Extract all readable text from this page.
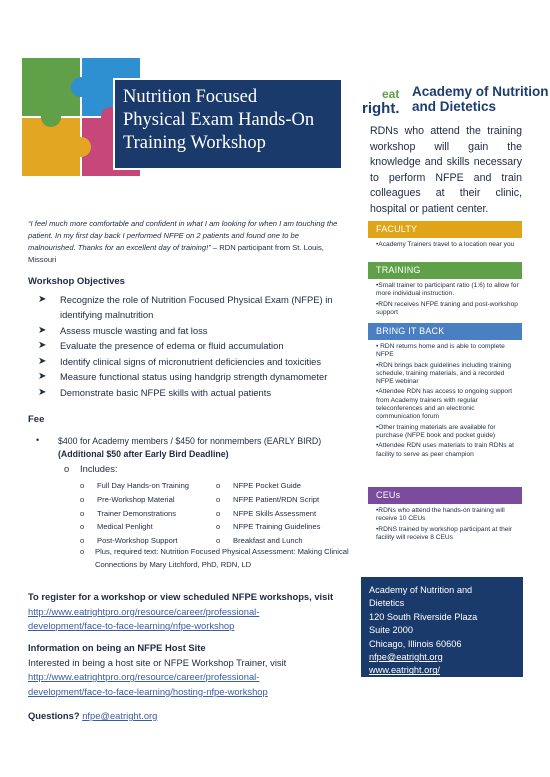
Nutrition Focused
Physical Exam Hands-On
Training Workshop
eat
right.
Academy of Nutrition
and Dietetics
RDNs who attend the training workshop will gain the knowledge and skills necessary to perform NFPE and train colleagues at their clinic, hospital or patient center.
“I feel much more comfortable and confident in what I am looking for when I am touching the patient. In my first day back I performed NFPE on 2 patients and found one to be malnourished. Thanks for an excellent day of training!” – RDN participant from St. Louis, Missouri
Workshop Objectives
➤ Recognize the role of Nutrition Focused Physical Exam (NFPE) in identifying malnutrition
➤ Assess muscle wasting and fat loss
➤ Evaluate the presence of edema or fluid accumulation
➤ Identify clinical signs of micronutrient deficiencies and toxicities
➤ Measure functional status using handgrip strength dynamometer
➤ Demonstrate basic NFPE skills with actual patients
Fee
• $400 for Academy members / $450 for nonmembers (EARLY BIRD)
(Additional $50 after Early Bird Deadline)
o Includes:
o Full Day Hands-on Training	o NFPE Pocket Guide
o Pre-Workshop Material	o NFPE Patient/RDN Script
o Trainer Demonstrations	o NFPE Skills Assessment
o Medical Penlight	o NFPE Training Guidelines
o Post-Workshop Support	o Breakfast and Lunch
o	Plus, required text: Nutrition Focused Physical Assessment: Making Clinical Connections by Mary Litchford, PhD, RDN, LD
FACULTY
•Academy Trainers travel to a location near you
TRAINING
•Small trainer to participant ratio (1:6) to allow for more individual instruction.
•RDN receives NFPE traning and post-workshop support
BRING IT BACK
• RDN returns home and is able to complete NFPE
•RDN brings back guidelines including training schedule, training materials, and a recorded NFPE webinar
•Attendee RDN has access to ongoing support from Academy trainers with regular teleconferences and an electronic communication forum
•Other training materials are available for purchase (NFPE book and pocket guide)
•Attendee RDN uses materials to train RDNs at facility to serve as peer champion
CEUs
•RDNs who attend the hands-on training will receive 10 CEUs
•RDNS trained by workshop participant at their facility will receive 8 CEUs
To register for a workshop or view scheduled NFPE workshops, visit
http://www.eatrightpro.org/resource/career/professional-
development/face-to-face-learning/nfpe-workshop
Information on being an NFPE Host Site
Interested in being a host site or NFPE Workshop Trainer, visit
http://www.eatrightpro.org/resource/career/professional-
development/face-to-face-learning/hosting-nfpe-workshop
Questions? nfpe@eatright.org
Academy of Nutrition and
Dietetics
120 South Riverside Plaza
Suite 2000
Chicago, Illinois 60606
nfpe@eatright.org
www.eatright.org/
